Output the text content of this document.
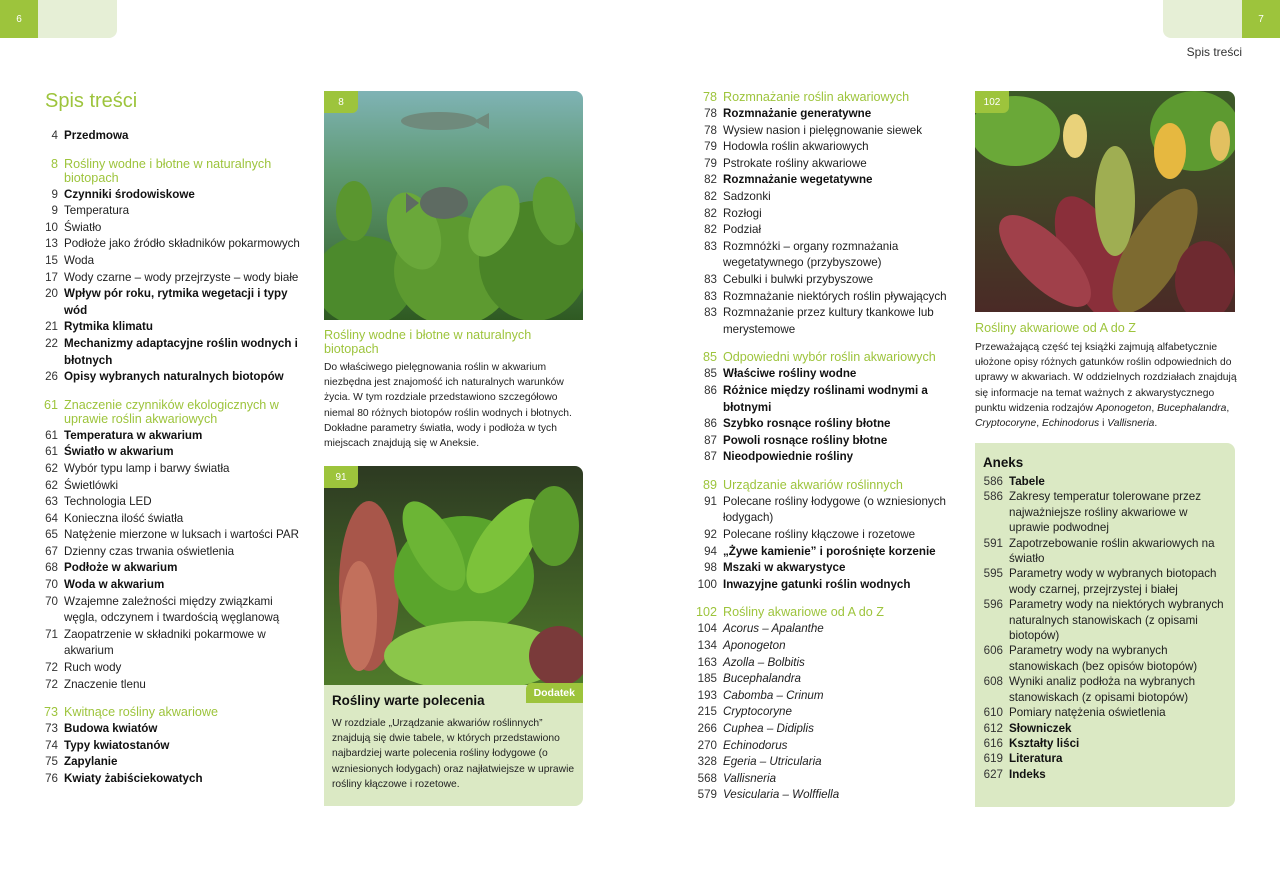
6	7
Spis treści
Spis treści
4 Przedmowa
8 Rośliny wodne i błotne w naturalnych biotopach
9 Czynniki środowiskowe
9 Temperatura
10 Światło
13 Podłoże jako źródło składników pokarmowych
15 Woda
17 Wody czarne – wody przejrzyste – wody białe
20 Wpływ pór roku, rytmika wegetacji i typy wód
21 Rytmika klimatu
22 Mechanizmy adaptacyjne roślin wodnych i błotnych
26 Opisy wybranych naturalnych biotopów
61 Znaczenie czynników ekologicznych w uprawie roślin akwariowych
61 Temperatura w akwarium
61 Światło w akwarium
62 Wybór typu lamp i barwy światła
62 Świetlówki
63 Technologia LED
64 Konieczna ilość światła
65 Natężenie mierzone w luksach i wartości PAR
67 Dzienny czas trwania oświetlenia
68 Podłoże w akwarium
70 Woda w akwarium
70 Wzajemne zależności między związkami węgla, odczynem i twardością węglanową
71 Zaopatrzenie w składniki pokarmowe w akwarium
72 Ruch wody
72 Znaczenie tlenu
73 Kwitnące rośliny akwariowe
73 Budowa kwiatów
74 Typy kwiatostanów
75 Zapylanie
76 Kwiaty żabiściekowatych
8
Rośliny wodne i błotne w naturalnych biotopach
Do właściwego pielęgnowania roślin w akwarium niezbędna jest znajomość ich naturalnych warunków życia. W tym rozdziale przedstawiono szczegółowo niemal 80 różnych biotopów roślin wodnych i błotnych. Dokładne parametry światła, wody i podłoża w tych miejscach znajdują się w Aneksie.
91
Dodatek
Rośliny warte polecenia
W rozdziale „Urządzanie akwariów roślinnych” znajdują się dwie tabele, w których przedstawiono najbardziej warte polecenia rośliny łodygowe (o wzniesionych łodygach) oraz najłatwiejsze w uprawie rośliny kłączowe i rozetowe.
78 Rozmnażanie roślin akwariowych
78 Rozmnażanie generatywne
78 Wysiew nasion i pielęgnowanie siewek
79 Hodowla roślin akwariowych
79 Pstrokate rośliny akwariowe
82 Rozmnażanie wegetatywne
82 Sadzonki
82 Rozłogi
82 Podział
83 Rozmnóżki – organy rozmnażania wegetatywnego (przybyszowe)
83 Cebulki i bulwki przybyszowe
83 Rozmnażanie niektórych roślin pływających
83 Rozmnażanie przez kultury tkankowe lub merystemowe
85 Odpowiedni wybór roślin akwariowych
85 Właściwe rośliny wodne
86 Różnice między roślinami wodnymi a błotnymi
86 Szybko rosnące rośliny błotne
87 Powoli rosnące rośliny błotne
87 Nieodpowiednie rośliny
89 Urządzanie akwariów roślinnych
91 Polecane rośliny łodygowe (o wzniesionych łodygach)
92 Polecane rośliny kłączowe i rozetowe
94 „Żywe kamienie” i porośnięte korzenie
98 Mszaki w akwarystyce
100 Inwazyjne gatunki roślin wodnych
102 Rośliny akwariowe od A do Z
104 Acorus – Apalanthe
134 Aponogeton
163 Azolla – Bolbitis
185 Bucephalandra
193 Cabomba – Crinum
215 Cryptocoryne
266 Cuphea – Didiplis
270 Echinodorus
328 Egeria – Utricularia
568 Vallisneria
579 Vesicularia – Wolffiella
102
Rośliny akwariowe od A do Z
Przeważającą część tej książki zajmują alfabetycznie ułożone opisy różnych gatunków roślin odpowiednich do uprawy w akwariach. W oddzielnych rozdziałach znajdują się informacje na temat ważnych z akwarystycznego punktu widzenia rodzajów Aponogeton, Bucephalandra, Cryptocoryne, Echinodorus i Vallisneria.
Aneks
586 Tabele
586 Zakresy temperatur tolerowane przez najważniejsze rośliny akwariowe w uprawie podwodnej
591 Zapotrzebowanie roślin akwariowych na światło
595 Parametry wody w wybranych biotopach wody czarnej, przejrzystej i białej
596 Parametry wody na niektórych wybranych naturalnych stanowiskach (z opisami biotopów)
606 Parametry wody na wybranych stanowiskach (bez opisów biotopów)
608 Wyniki analiz podłoża na wybranych stanowiskach (z opisami biotopów)
610 Pomiary natężenia oświetlenia
612 Słowniczek
616 Kształty liści
619 Literatura
627 Indeks
